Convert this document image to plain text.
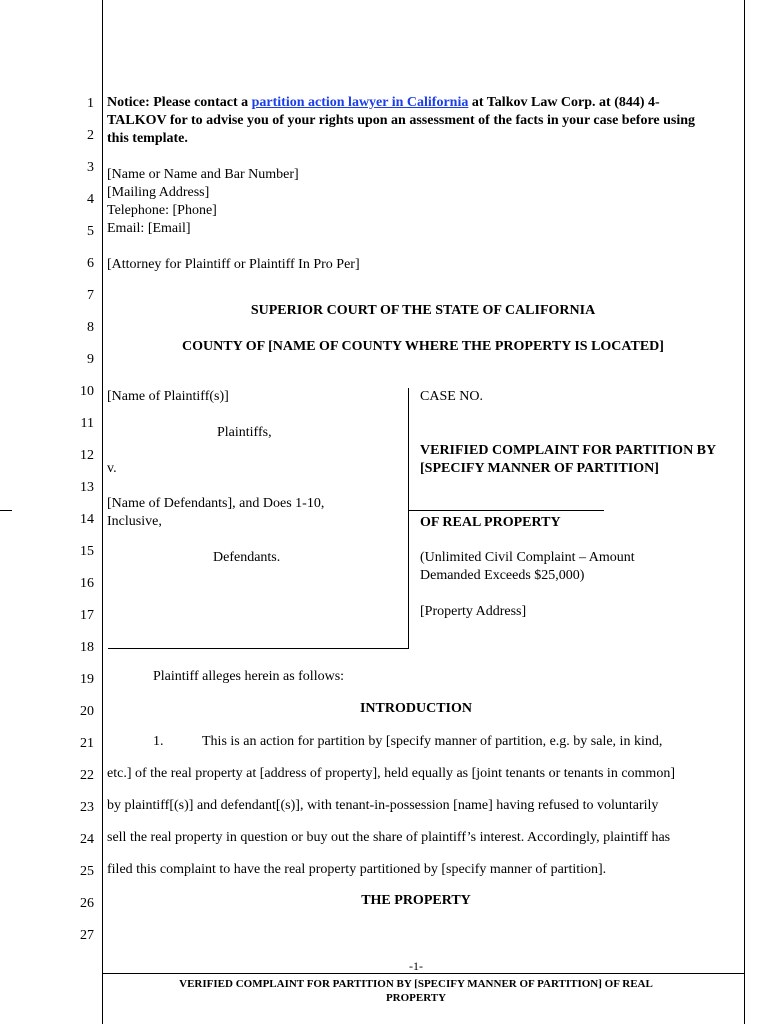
1
2
3
4
5
6
7
8
9
10
11
12
13
14
15
16
17
18
19
20
21
22
23
24
25
26
27
Notice: Please contact a partition action lawyer in California at Talkov Law Corp. at (844) 4-TALKOV for to advise you of your rights upon an assessment of the facts in your case before using this template.
[Name or Name and Bar Number]
[Mailing Address]
Telephone: [Phone]
Email: [Email]
[Attorney for Plaintiff or Plaintiff In Pro Per]
SUPERIOR COURT OF THE STATE OF CALIFORNIA
COUNTY OF [NAME OF COUNTY WHERE THE PROPERTY IS LOCATED]
[Name of Plaintiff(s)]
Plaintiffs,
v.
[Name of Defendants], and Does 1-10,
Inclusive,
Defendants.
CASE NO.
VERIFIED COMPLAINT FOR PARTITION BY [SPECIFY MANNER OF PARTITION]
OF REAL PROPERTY
(Unlimited Civil Complaint – Amount Demanded Exceeds $25,000)
[Property Address]
Plaintiff alleges herein as follows:
INTRODUCTION
1.	This is an action for partition by [specify manner of partition, e.g. by sale, in kind,
etc.] of the real property at [address of property], held equally as [joint tenants or tenants in common]
by plaintiff[(s)] and defendant[(s)], with tenant-in-possession [name] having refused to voluntarily
sell the real property in question or buy out the share of plaintiff’s interest. Accordingly, plaintiff has
filed this complaint to have the real property partitioned by [specify manner of partition].
THE PROPERTY
-1-
VERIFIED COMPLAINT FOR PARTITION BY [SPECIFY MANNER OF PARTITION] OF REAL
PROPERTY
